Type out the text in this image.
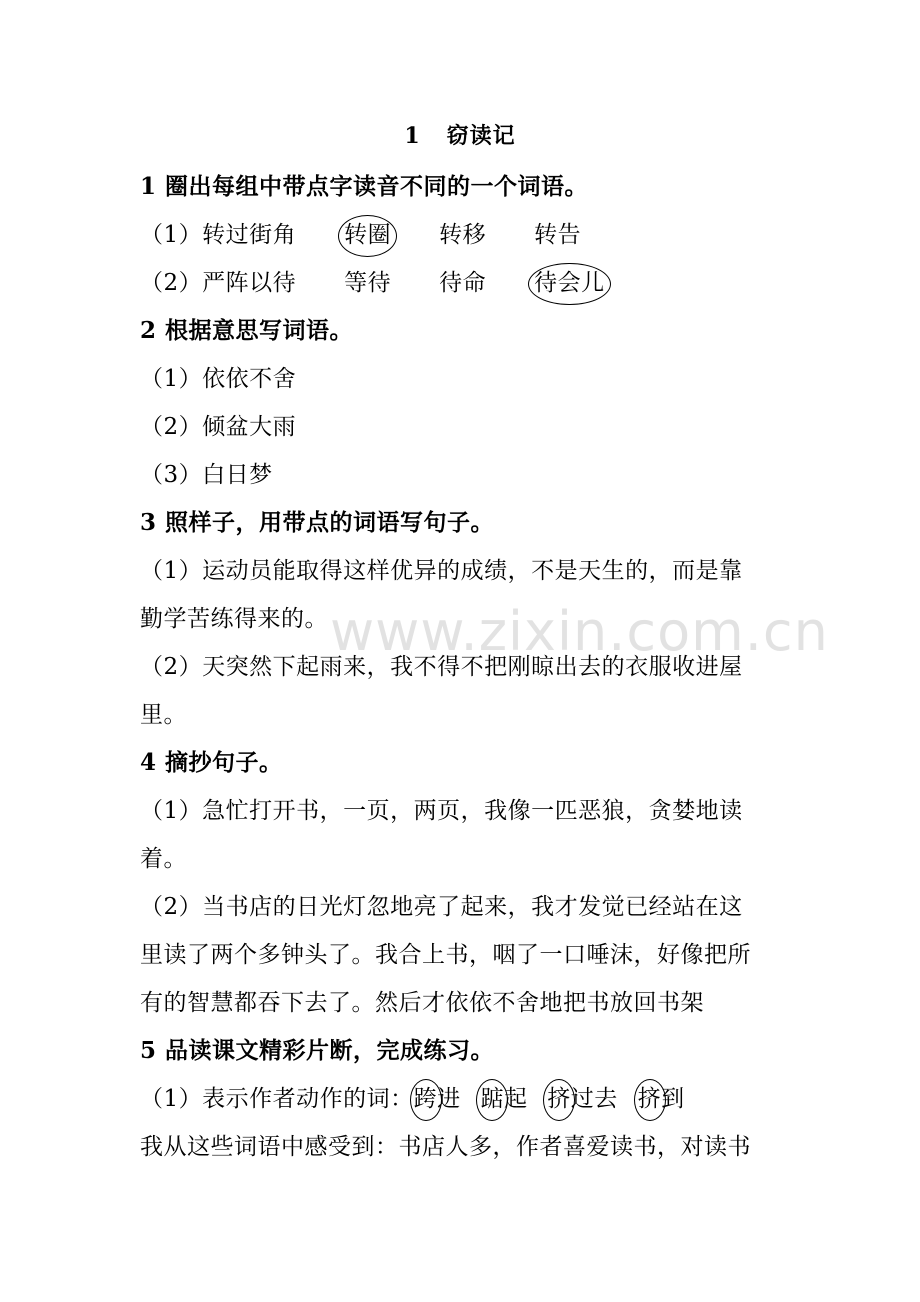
www.zixin.com.cn
1 窃读记
1 圈出每组中带点字读音不同的一个词语。
（1）转过街角 转圈 转移 转告
（2）严阵以待 等待 待命 待会儿
2 根据意思写词语。
（1）依依不舍
（2）倾盆大雨
（3）白日梦
3 照样子，用带点的词语写句子。
（1）运动员能取得这样优异的成绩，不是天生的，而是靠
勤学苦练得来的。
（2）天突然下起雨来，我不得不把刚晾出去的衣服收进屋
里。
4 摘抄句子。
（1）急忙打开书，一页，两页，我像一匹恶狼，贪婪地读
着。
（2）当书店的日光灯忽地亮了起来，我才发觉已经站在这
里读了两个多钟头了。我合上书，咽了一口唾沫，好像把所
有的智慧都吞下去了。然后才依依不舍地把书放回书架
5 品读课文精彩片断，完成练习。
（1）表示作者动作的词：跨进 踮起 挤过去 挤到
我从这些词语中感受到：书店人多，作者喜爱读书，对读书
